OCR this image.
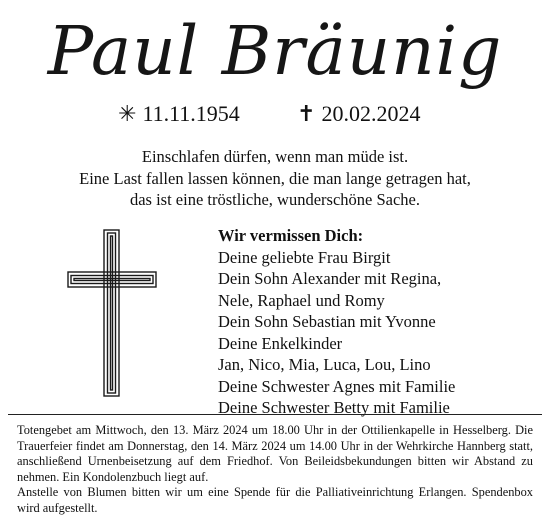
Paul Bräunig
✳ 11.11.1954	✝ 20.02.2024
Einschlafen dürfen, wenn man müde ist.
Eine Last fallen lassen können, die man lange getragen hat,
das ist eine tröstliche, wunderschöne Sache.
Wir vermissen Dich:
Deine geliebte Frau Birgit
Dein Sohn Alexander mit Regina,
Nele, Raphael und Romy
Dein Sohn Sebastian mit Yvonne
Deine Enkelkinder
Jan, Nico, Mia, Luca, Lou, Lino
Deine Schwester Agnes mit Familie
Deine Schwester Betty mit Familie
Totengebet am Mittwoch, den 13. März 2024 um 18.00 Uhr in der Ottilienkapelle in Hesselberg. Die Trauerfeier findet am Donnerstag, den 14. März 2024 um 14.00 Uhr in der Wehrkirche Hannberg statt, anschließend Urnenbeisetzung auf dem Friedhof. Von Beileidsbekundungen bitten wir Abstand zu nehmen. Ein Kondolenzbuch liegt auf.
Anstelle von Blumen bitten wir um eine Spende für die Palliativeinrichtung Erlangen. Spendenbox wird aufgestellt.
